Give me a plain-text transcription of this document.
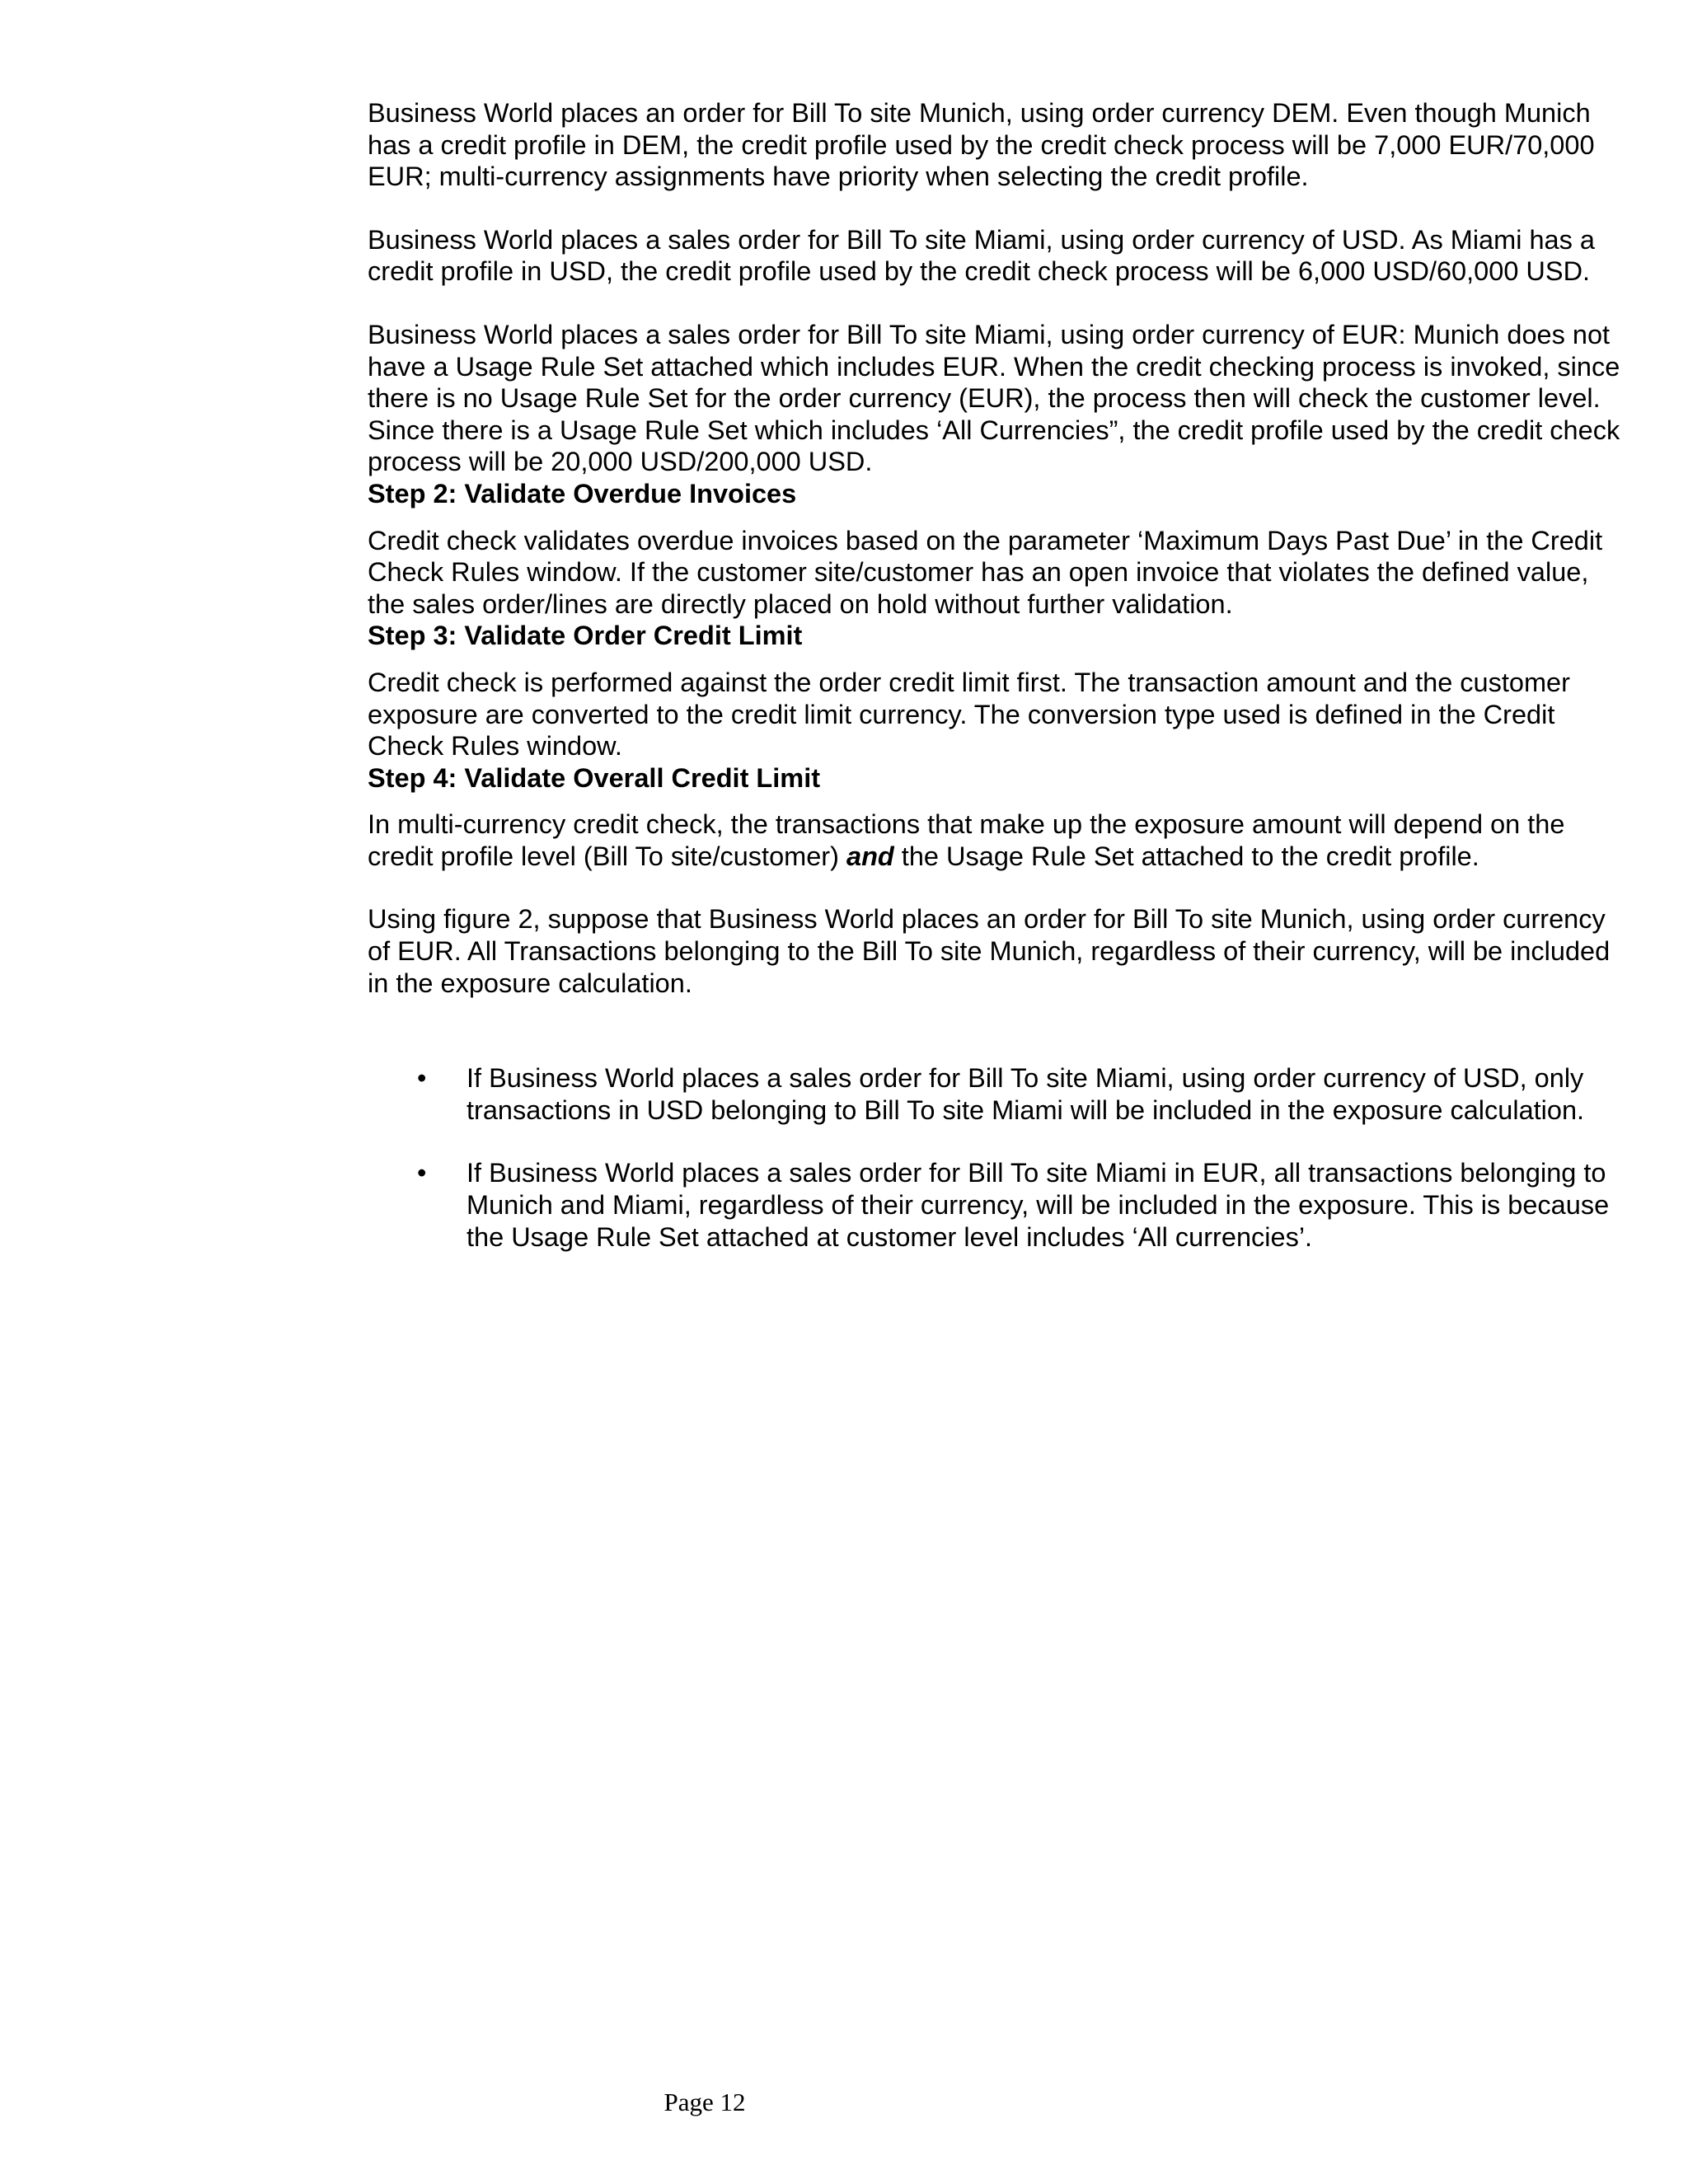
Business World places an order for Bill To site Munich, using order currency DEM. Even though Munich has a credit profile in DEM, the credit profile used by the credit check process will be 7,000 EUR/70,000 EUR; multi-currency assignments have priority when selecting the credit profile.

Business World places a sales order for Bill To site Miami, using order currency of USD. As Miami has a credit profile in USD, the credit profile used by the credit check process will be 6,000 USD/60,000 USD.

Business World places a sales order for Bill To site Miami, using order currency of EUR: Munich does not have a Usage Rule Set attached which includes EUR. When the credit checking process is invoked, since there is no Usage Rule Set for the order currency (EUR), the process then will check the customer level. Since there is a Usage Rule Set which includes ‘All Currencies”, the credit profile used by the credit check process will be 20,000 USD/200,000 USD.

Step 2: Validate Overdue Invoices

Credit check validates overdue invoices based on the parameter ‘Maximum Days Past Due’ in the Credit Check Rules window. If the customer site/customer has an open invoice that violates the defined value, the sales order/lines are directly placed on hold without further validation.

Step 3: Validate Order Credit Limit

Credit check is performed against the order credit limit first. The transaction amount and the customer exposure are converted to the credit limit currency. The conversion type used is defined in the Credit Check Rules window.

Step 4: Validate Overall Credit Limit

In multi-currency credit check, the transactions that make up the exposure amount will depend on the credit profile level (Bill To site/customer) and the Usage Rule Set attached to the credit profile.

Using figure 2, suppose that Business World places an order for Bill To site Munich, using order currency of EUR. All Transactions belonging to the Bill To site Munich, regardless of their currency, will be included in the exposure calculation.

• If Business World places a sales order for Bill To site Miami, using order currency of USD, only transactions in USD belonging to Bill To site Miami will be included in the exposure calculation.
• If Business World places a sales order for Bill To site Miami in EUR, all transactions belonging to Munich and Miami, regardless of their currency, will be included in the exposure. This is because the Usage Rule Set attached at customer level includes ‘All currencies’.
Page 12
